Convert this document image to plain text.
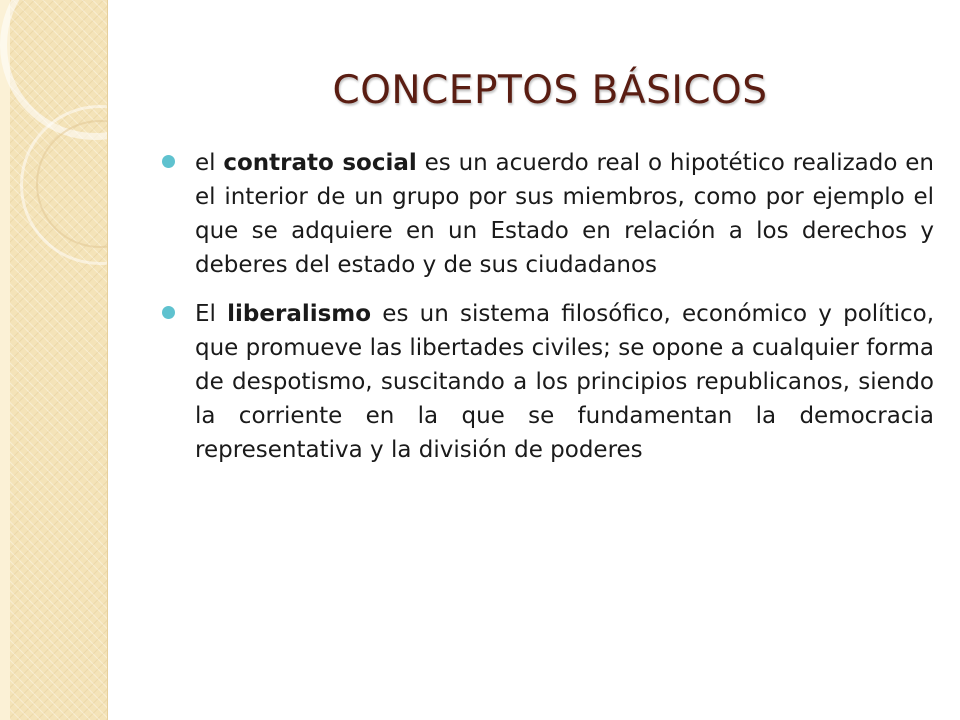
CONCEPTOS BÁSICOS
el contrato social es un acuerdo real o hipotético realizado en el interior de un grupo por sus miembros, como por ejemplo el que se adquiere en un Estado en relación a los derechos y deberes del estado y de sus ciudadanos
El liberalismo es un sistema filosófico, económico y político, que promueve las libertades civiles; se opone a cualquier forma de despotismo, suscitando a los principios republicanos, siendo la corriente en la que se fundamentan la democracia representativa y la división de poderes
